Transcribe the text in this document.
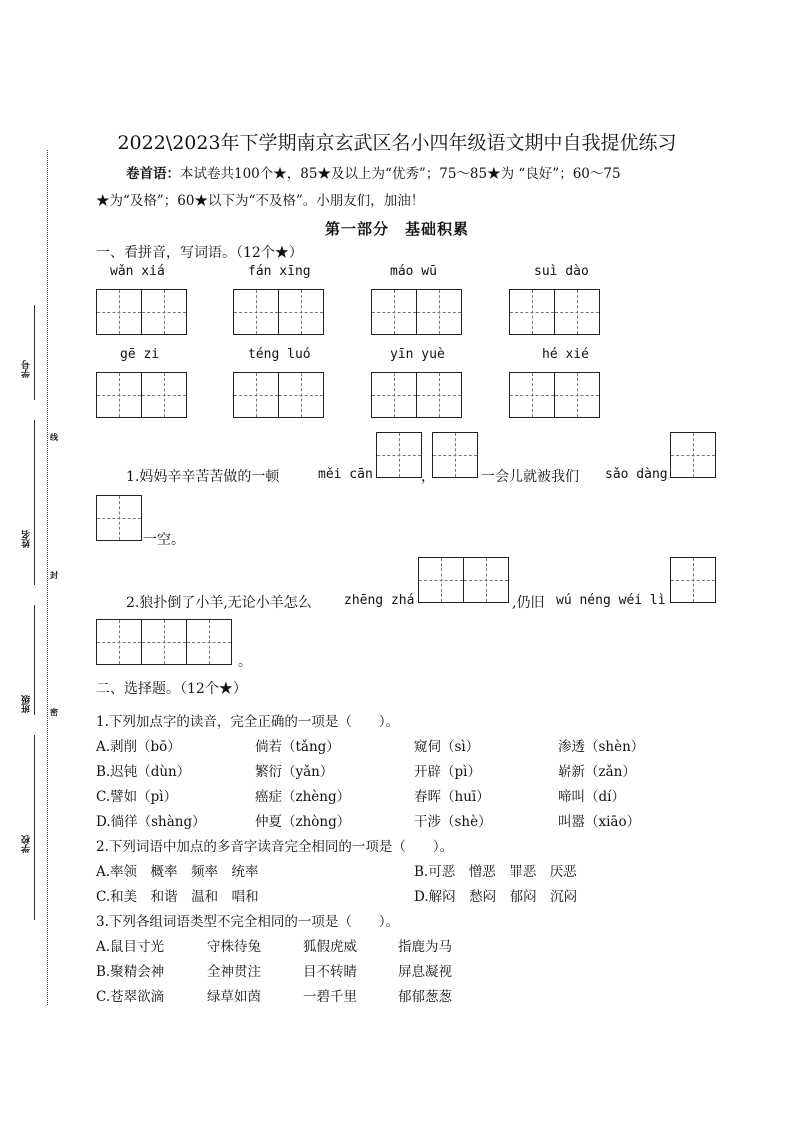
学号
姓名
班级
学校
线
封
密
2022\2023年下学期南京玄武区名小四年级语文期中自我提优练习
卷首语：本试卷共100个★，85★及以上为“优秀”；75～85★为 “良好”；60～75
★为“及格”；60★以下为“不及格”。小朋友们，加油！
第一部分　基础积累
一、看拼音，写词语。（12个★）
wǎn xiá	fán xīng	máo wū	suì dào
gē zi	téng luó	yīn yuè	hé xié
1.妈妈辛辛苦苦做的一顿	měi cān	，	一会儿就被我们 sǎo dàng
一空。
2.狼扑倒了小羊,无论小羊怎么 zhēng zhá	,仍旧 wú néng wéi lì
。
二、选择题。（12个★）
1.下列加点字的读音，完全正确的一项是（　　）。
A.剥削（bō）	倘若（tǎng）	窥伺（sì）	渗透（shèn）
B.迟钝（dùn）	繁衍（yǎn）	开辟（pì）	崭新（zǎn）
C.譬如（pì）	癌症（zhèng）	春晖（huī）	啼叫（dí）
D.徜徉（shàng）	仲夏（zhòng）	干涉（shè）	叫嚣（xiāo）
2.下列词语中加点的多音字读音完全相同的一项是（　　）。
A.率领　概率　频率　统率	B.可恶　憎恶　罪恶　厌恶
C.和美　和谐　温和　唱和	D.解闷　愁闷　郁闷　沉闷
3.下列各组词语类型不完全相同的一项是（　　）。
A.鼠目寸光	守株待兔	狐假虎威	指鹿为马
B.聚精会神	全神贯注	目不转睛	屏息凝视
C.苍翠欲滴	绿草如茵	一碧千里	郁郁葱葱
